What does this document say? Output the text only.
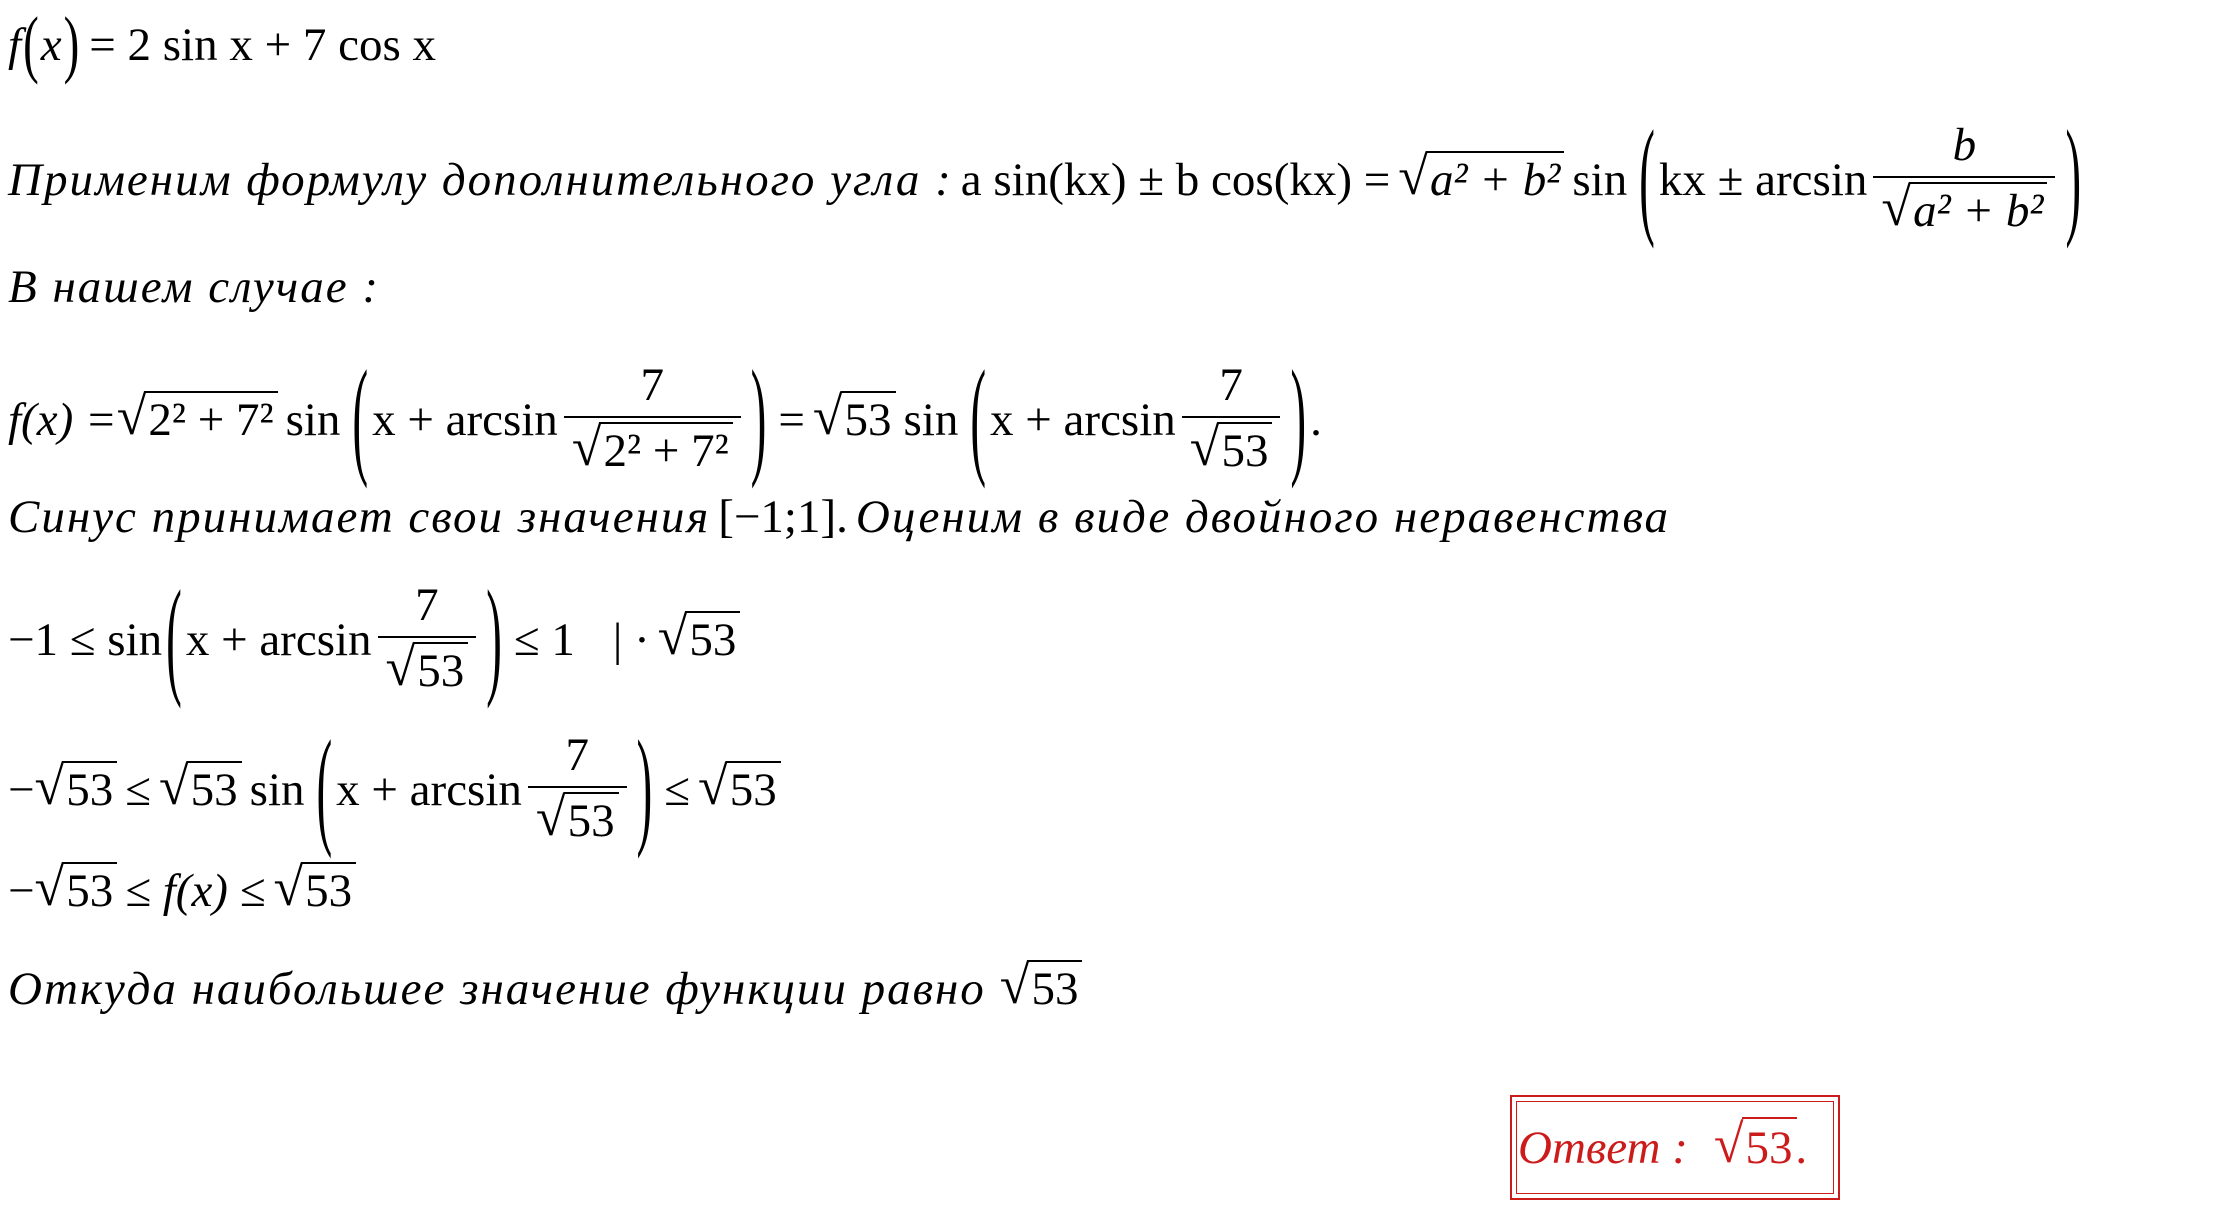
f ( x ) = 2 sin x + 7 cos x
Применим формулу дополнительного угла : a sin(kx) ± b cos(kx) = √ a² + b² sin ( kx ± $\arcsin \frac{b}{\text{√ a² + b²}}$ )
В нашем случае :
f(x) = √ 2² + 7² sin ( $x + \arcsin \frac{7}{\text{√ 2² + 7²}}$ ) = √ 53 sin ( $x + \arcsin \frac{7}{√ 53}$ ) .
Синус принимает свои значения [−1;1]. Оценим в виде двойного неравенства
−1 ≤ sin ( $x + \arcsin \frac{7}{√ 53}$ ) ≤ 1 | · √ 53
− √ 53 ≤ √ 53 sin ( $x + \arcsin \frac{7}{√ 53}$ ) ≤ √ 53
− √ 53 ≤ f(x) ≤ √ 53
Откуда наибольшее значение функции равно √ 53
Ответ : √ 53 .
